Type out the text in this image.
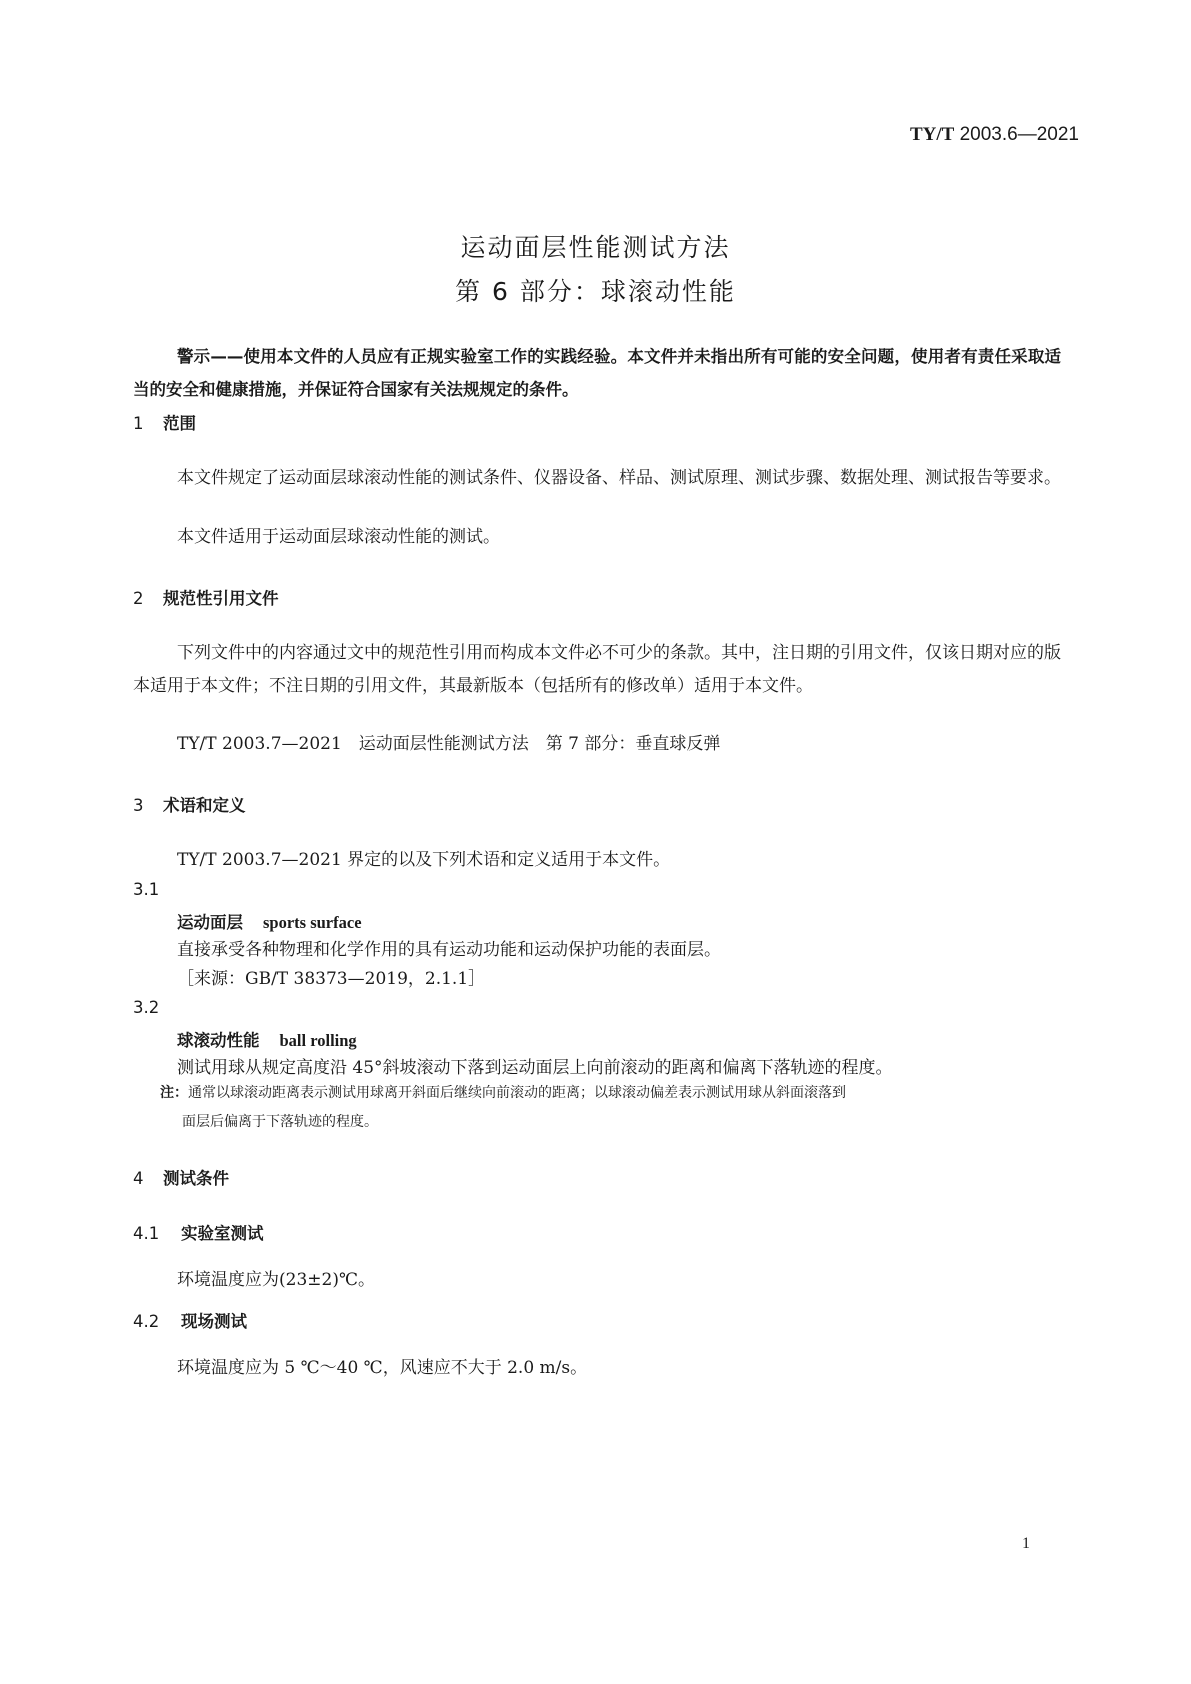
TY/T 2003.6—2021
运动面层性能测试方法
第 6 部分：球滚动性能
警示——使用本文件的人员应有正规实验室工作的实践经验。本文件并未指出所有可能的安全问题，使用者有责任采取适当的安全和健康措施，并保证符合国家有关法规规定的条件。
1 范围
本文件规定了运动面层球滚动性能的测试条件、仪器设备、样品、测试原理、测试步骤、数据处理、测试报告等要求。
本文件适用于运动面层球滚动性能的测试。
2 规范性引用文件
下列文件中的内容通过文中的规范性引用而构成本文件必不可少的条款。其中，注日期的引用文件，仅该日期对应的版本适用于本文件；不注日期的引用文件，其最新版本（包括所有的修改单）适用于本文件。
TY/T 2003.7—2021　运动面层性能测试方法　第 7 部分：垂直球反弹
3 术语和定义
TY/T 2003.7—2021 界定的以及下列术语和定义适用于本文件。
3.1
运动面层 sports surface
直接承受各种物理和化学作用的具有运动功能和运动保护功能的表面层。
［来源：GB/T 38373—2019，2.1.1］
3.2
球滚动性能 ball rolling
测试用球从规定高度沿 45°斜坡滚动下落到运动面层上向前滚动的距离和偏离下落轨迹的程度。
注：通常以球滚动距离表示测试用球离开斜面后继续向前滚动的距离；以球滚动偏差表示测试用球从斜面滚落到
面层后偏离于下落轨迹的程度。
4 测试条件
4.1 实验室测试
环境温度应为(23±2)℃。
4.2 现场测试
环境温度应为 5 ℃～40 ℃，风速应不大于 2.0 m/s。
1
